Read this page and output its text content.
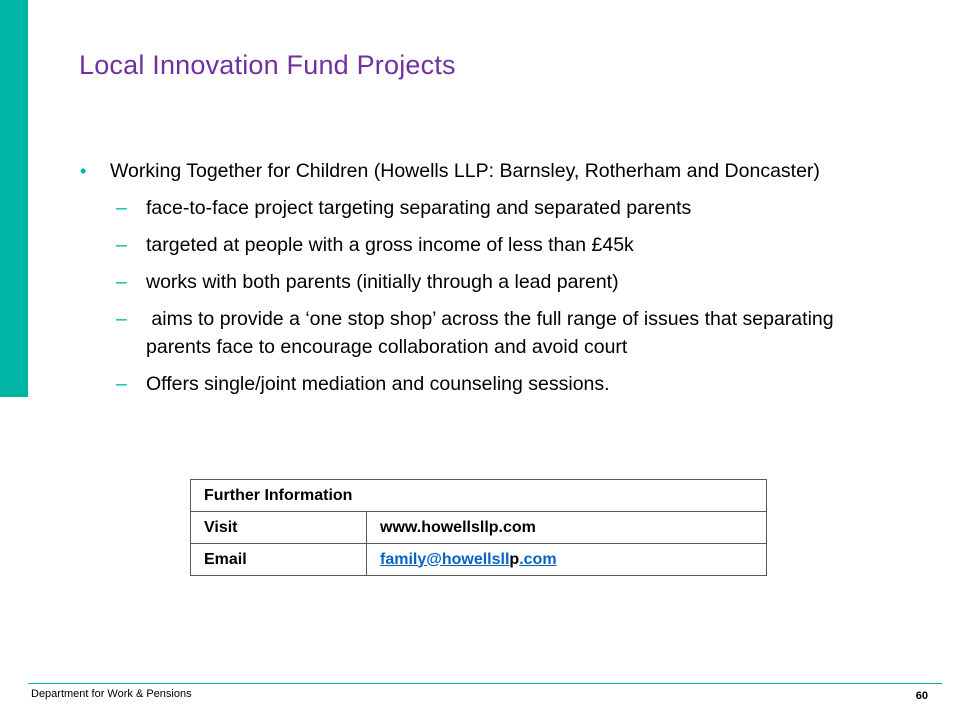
Local Innovation Fund Projects
•	Working Together for Children (Howells LLP: Barnsley, Rotherham and Doncaster)
– face-to-face project targeting separating and separated parents
– targeted at people with a gross income of less than £45k
– works with both parents (initially through a lead parent)
– aims to provide a ‘one stop shop’ across the full range of issues that separating parents face to encourage collaboration and avoid court
– Offers single/joint mediation and counseling sessions.
Further Information	
Visit	www.howellsllp.com
Email	family@howellsllp.com
Department for Work & Pensions	60
